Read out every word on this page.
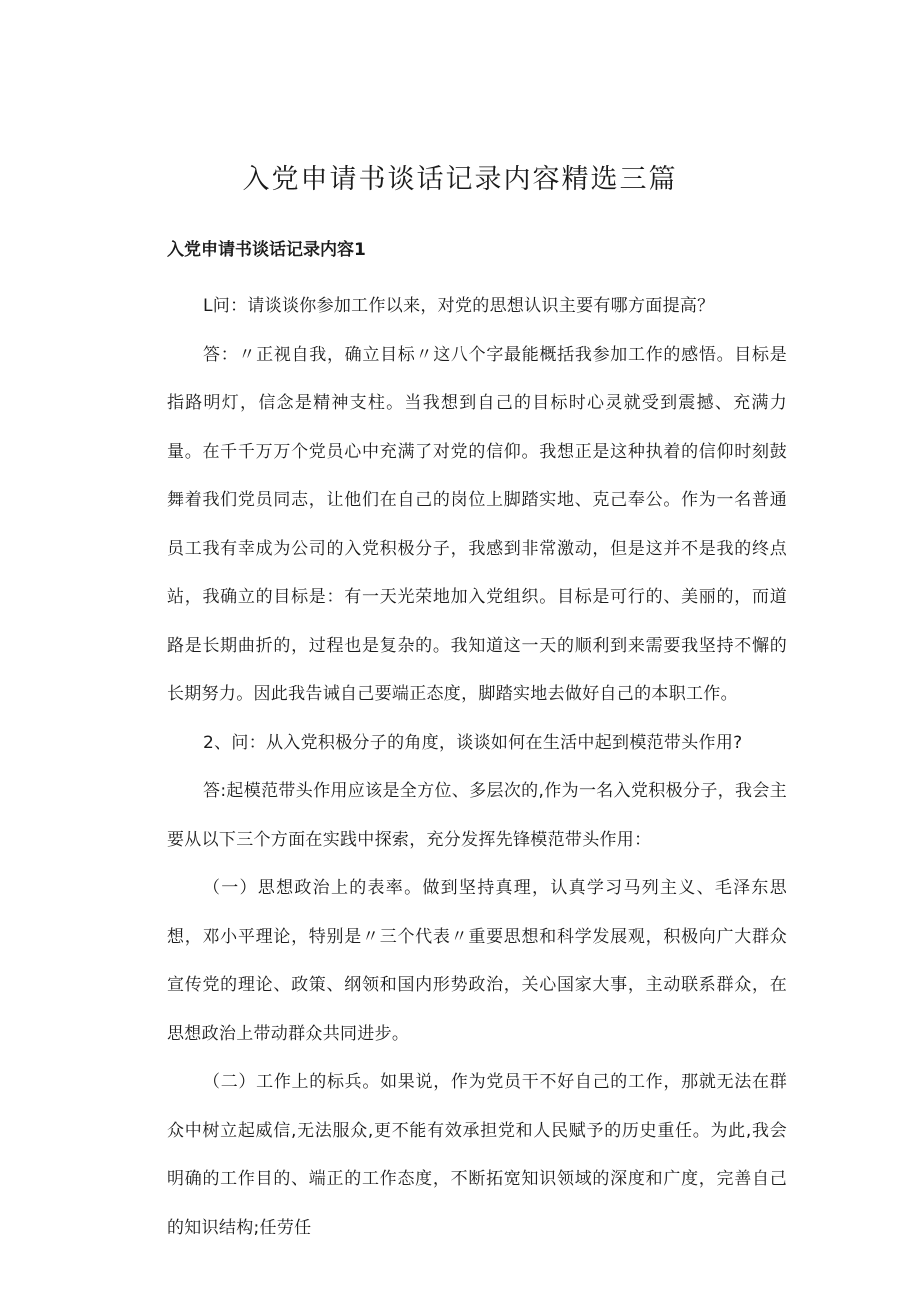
入党申请书谈话记录内容精选三篇
入党申请书谈话记录内容1

L问：请谈谈你参加工作以来，对党的思想认识主要有哪方面提高？

答：〃正视自我，确立目标〃这八个字最能概括我参加工作的感悟。目标是指路明灯，信念是精神支柱。当我想到自己的目标时心灵就受到震撼、充满力量。在千千万万个党员心中充满了对党的信仰。我想正是这种执着的信仰时刻鼓舞着我们党员同志，让他们在自己的岗位上脚踏实地、克己奉公。作为一名普通员工我有幸成为公司的入党积极分子，我感到非常激动，但是这并不是我的终点站，我确立的目标是：有一天光荣地加入党组织。目标是可行的、美丽的，而道路是长期曲折的，过程也是复杂的。我知道这一天的顺利到来需要我坚持不懈的长期努力。因此我告诫自己要端正态度，脚踏实地去做好自己的本职工作。

2、问：从入党积极分子的角度，谈谈如何在生活中起到模范带头作用?

答:起模范带头作用应该是全方位、多层次的,作为一名入党积极分子，我会主要从以下三个方面在实践中探索，充分发挥先锋模范带头作用：

（一）思想政治上的表率。做到坚持真理，认真学习马列主义、毛泽东思想，邓小平理论，特别是〃三个代表〃重要思想和科学发展观，积极向广大群众宣传党的理论、政策、纲领和国内形势政治，关心国家大事，主动联系群众，在思想政治上带动群众共同进步。

（二）工作上的标兵。如果说，作为党员干不好自己的工作，那就无法在群众中树立起威信,无法服众,更不能有效承担党和人民赋予的历史重任。为此,我会明确的工作目的、端正的工作态度，不断拓宽知识领域的深度和广度，完善自己的知识结构;任劳任
